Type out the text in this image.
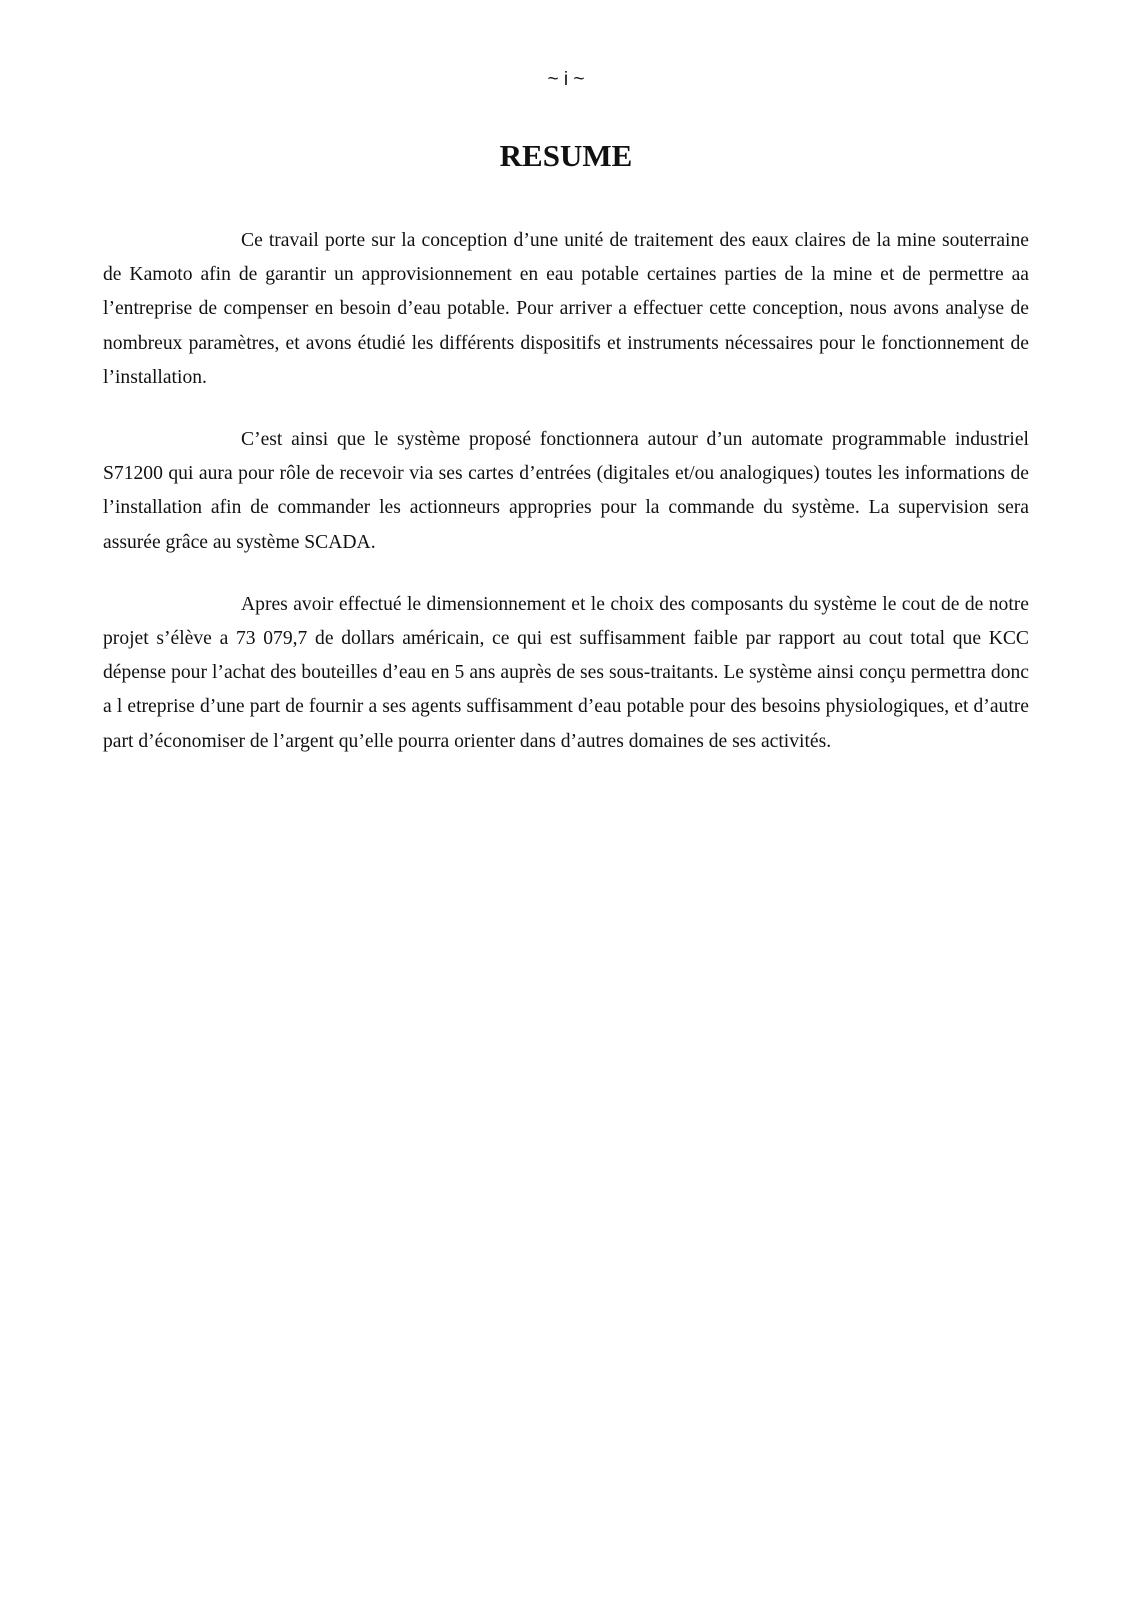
~ i ~
RESUME

Ce travail porte sur la conception d’une unité de traitement des eaux claires de la mine souterraine de Kamoto afin de garantir un approvisionnement en eau potable certaines parties de la mine et de permettre aa l’entreprise de compenser en besoin d’eau potable. Pour arriver a effectuer cette conception, nous avons analyse de nombreux paramètres, et avons étudié les différents dispositifs et instruments nécessaires pour le fonctionnement de l’installation.

C’est ainsi que le système proposé fonctionnera autour d’un automate programmable industriel S71200 qui aura pour rôle de recevoir via ses cartes d’entrées (digitales et/ou analogiques) toutes les informations de l’installation afin de commander les actionneurs appropries pour la commande du système. La supervision sera assurée grâce au système SCADA.

Apres avoir effectué le dimensionnement et le choix des composants du système le cout de de notre projet s’élève a 73 079,7 de dollars américain, ce qui est suffisamment faible par rapport au cout total que KCC dépense pour l’achat des bouteilles d’eau en 5 ans auprès de ses sous-traitants. Le système ainsi conçu permettra donc a l etreprise d’une part de fournir a ses agents suffisamment d’eau potable pour des besoins physiologiques, et d’autre part d’économiser de l’argent qu’elle pourra orienter dans d’autres domaines de ses activités.
